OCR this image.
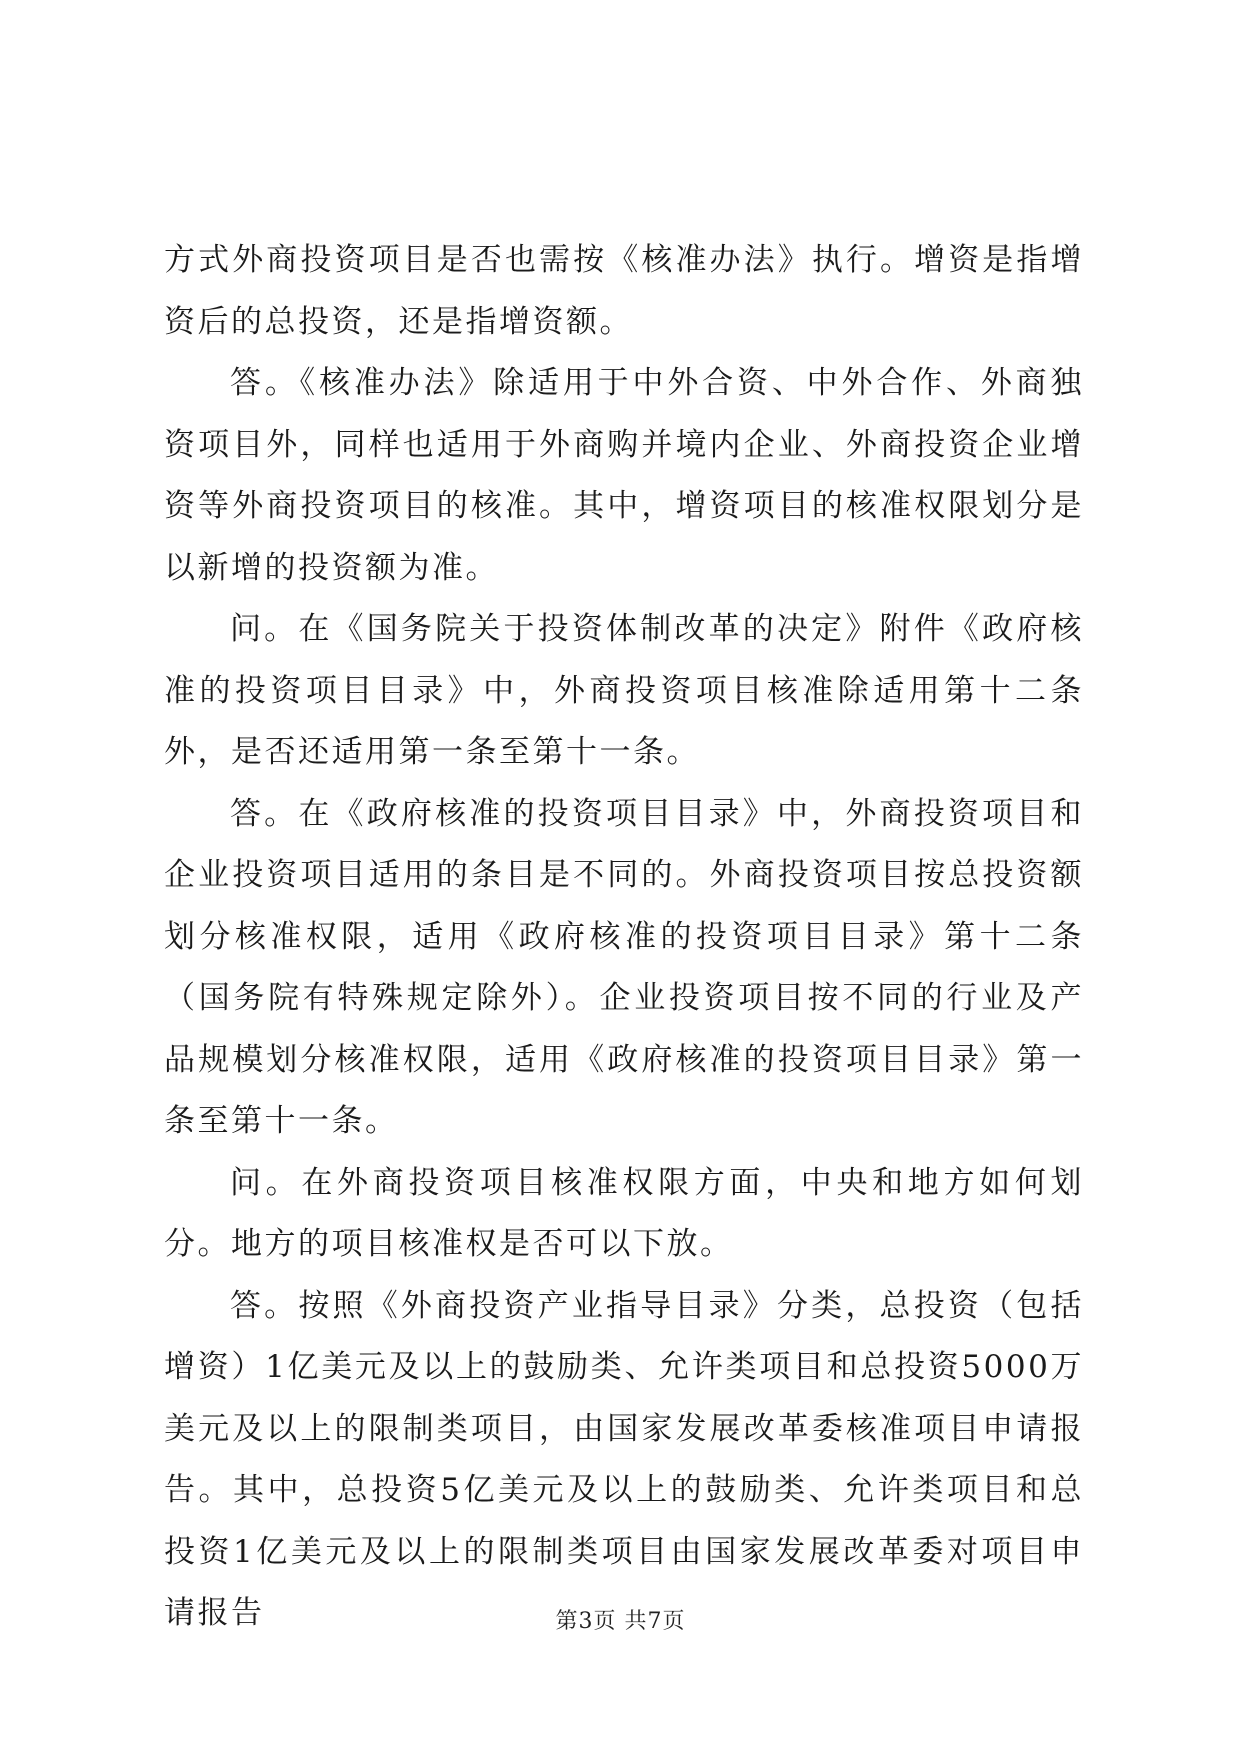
方式外商投资项目是否也需按《核准办法》执行。增资是指增资后的总投资，还是指增资额。

答。《核准办法》除适用于中外合资、中外合作、外商独资项目外，同样也适用于外商购并境内企业、外商投资企业增资等外商投资项目的核准。其中，增资项目的核准权限划分是以新增的投资额为准。

问。在《国务院关于投资体制改革的决定》附件《政府核准的投资项目目录》中，外商投资项目核准除适用第十二条外，是否还适用第一条至第十一条。

答。在《政府核准的投资项目目录》中，外商投资项目和企业投资项目适用的条目是不同的。外商投资项目按总投资额划分核准权限，适用《政府核准的投资项目目录》第十二条（国务院有特殊规定除外）。企业投资项目按不同的行业及产品规模划分核准权限，适用《政府核准的投资项目目录》第一条至第十一条。

问。在外商投资项目核准权限方面，中央和地方如何划分。地方的项目核准权是否可以下放。

答。按照《外商投资产业指导目录》分类，总投资（包括增资）1亿美元及以上的鼓励类、允许类项目和总投资5000万美元及以上的限制类项目，由国家发展改革委核准项目申请报告。其中，总投资5亿美元及以上的鼓励类、允许类项目和总投资1亿美元及以上的限制类项目由国家发展改革委对项目申请报告	第3页 共7页
